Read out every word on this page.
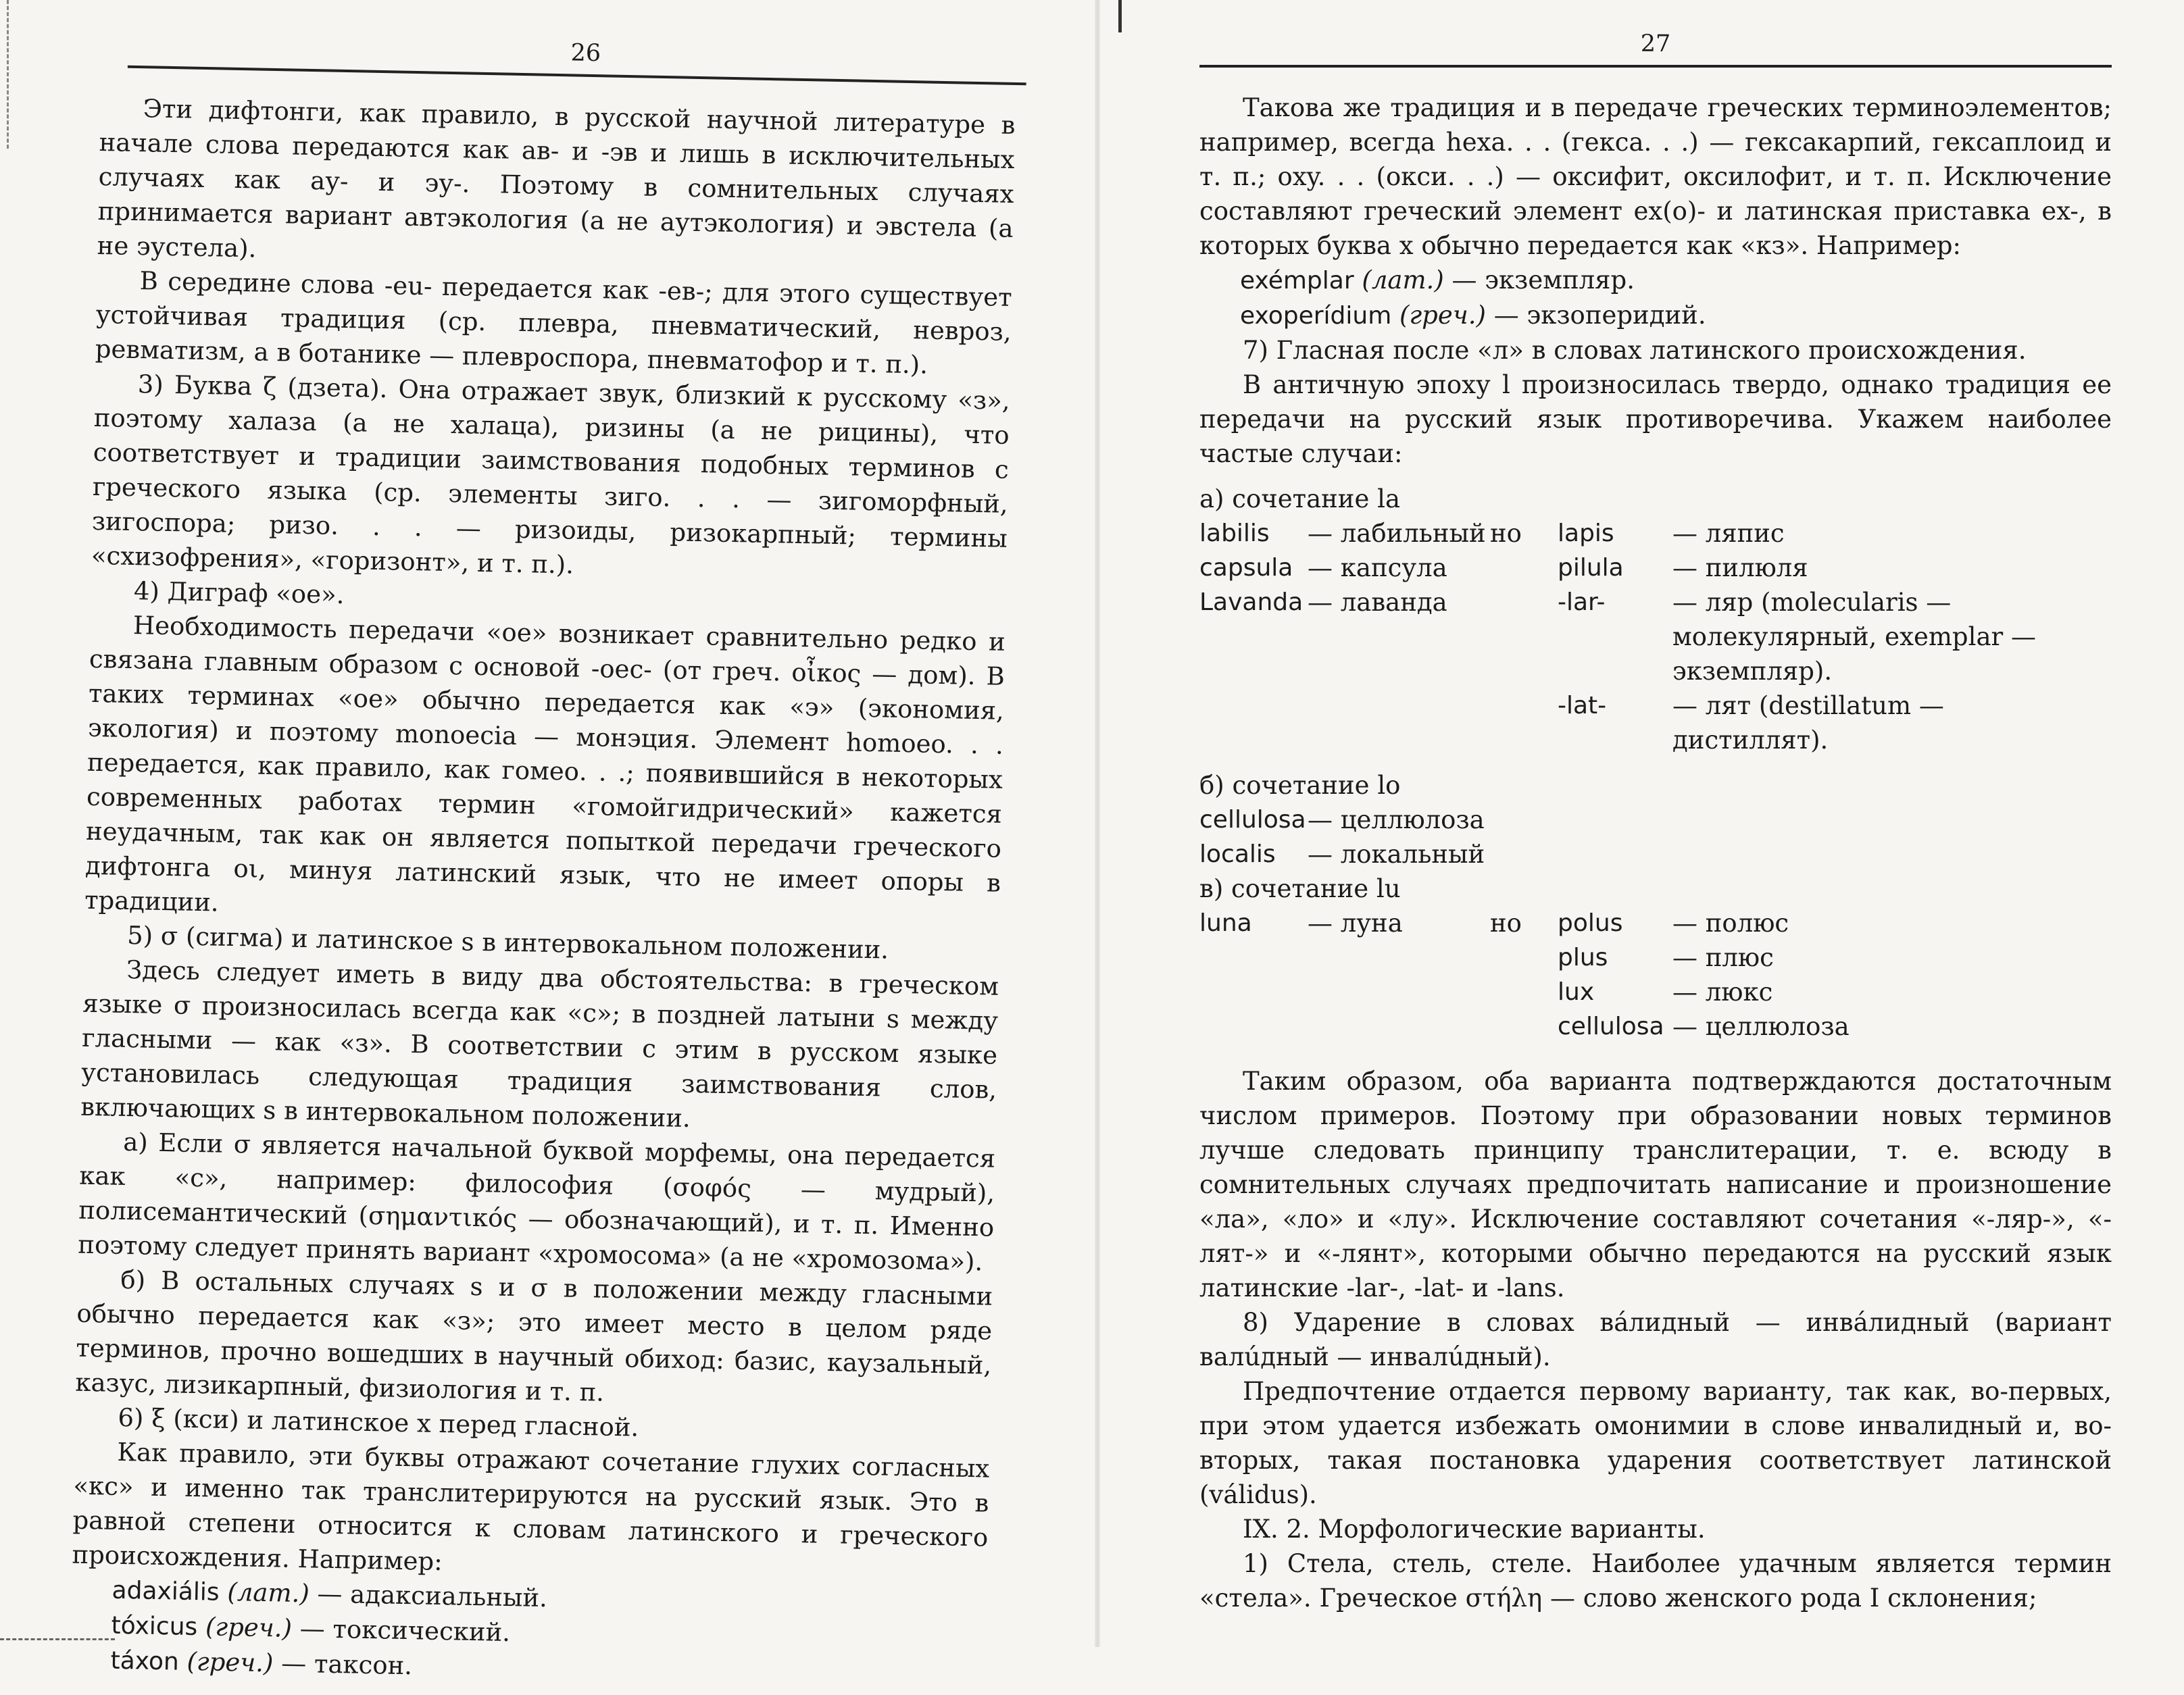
26

Эти дифтонги, как правило, в русской научной литературе в начале слова передаются как ав- и -эв и лишь в исключительных случаях как ау- и эу-. Поэтому в сомнительных случаях принимается вариант автэкология (а не аутэкология) и эвстела (а не эустела).

В середине слова -eu- передается как -ев-; для этого существует устойчивая традиция (ср. плевра, пневматический, невроз, ревматизм, а в ботанике — плевроспора, пневматофор и т. п.).

3) Буква ζ (дзета). Она отражает звук, близкий к русскому «з», поэтому халаза (а не халаца), ризины (а не рицины), что соответствует и традиции заимствования подобных терминов с греческого языка (ср. элементы зиго. . . — зигоморфный, зигоспора; ризо. . . — ризоиды, ризокарпный; термины «схизофрения», «горизонт», и т. п.).

4) Диграф «oe».

Необходимость передачи «oe» возникает сравнительно редко и связана главным образом с основой -oec- (от греч. οἶκος — дом). В таких терминах «oe» обычно передается как «э» (экономия, экология) и поэтому monoecia — монэция. Элемент homoeo. . . передается, как правило, как гомео. . .; появившийся в некоторых современных работах термин «гомойгидрический» кажется неудачным, так как он является попыткой передачи греческого дифтонга οι, минуя латинский язык, что не имеет опоры в традиции.

5) σ (сигма) и латинское s в интервокальном положении.

Здесь следует иметь в виду два обстоятельства: в греческом языке σ произносилась всегда как «с»; в поздней латыни s между гласными — как «з». В соответствии с этим в русском языке установилась следующая традиция заимствования слов, включающих s в интервокальном положении.

а) Если σ является начальной буквой морфемы, она передается как «с», например: философия (σοφός — мудрый), полисемантический (σημαντικός — обозначающий), и т. п. Именно поэтому следует принять вариант «хромосома» (а не «хромозома»).

б) В остальных случаях s и σ в положении между гласными обычно передается как «з»; это имеет место в целом ряде терминов, прочно вошедших в научный обиход: базис, каузальный, казус, лизикарпный, физиология и т. п.

6) ξ (кси) и латинское x перед гласной.

Как правило, эти буквы отражают сочетание глухих согласных «кс» и именно так транслитерируются на русский язык. Это в равной степени относится к словам латинского и греческого происхождения. Например:

adaxiális (лат.) — адаксиальный.
tóxicus (греч.) — токсический.
táxon (греч.) — таксон.
27

Такова же традиция и в передаче греческих терминоэлементов; например, всегда hexa. . . (гекса. . .) — гексакарпий, гексаплоид и т. п.; oxy. . . (окси. . .) — оксифит, оксилофит, и т. п. Исключение составляют греческий элемент ex(o)- и латинская приставка ex-, в которых буква x обычно передается как «кз». Например:

exémplar (лат.) — экземпляр.
exoperídium (греч.) — экзоперидий.

7) Гласная после «л» в словах латинского происхождения.

В античную эпоху l произносилась твердо, однако традиция ее передачи на русский язык противоречива. Укажем наиболее частые случаи:

а) сочетание la

labilis	— лабильный	но	lapis	— ляпис
capsula	— капсула		pilula	— пилюля
Lavanda	— лаванда		-lar-	— ляр (molecularis — молекулярный, exemplar — экземпляр).
			-lat-	— лят (destillatum — дистиллят).

б) сочетание lo

cellulosa	— целлюлоза
localis	— локальный

в) сочетание lu

luna	— луна	но	polus	— полюс
			plus	— плюс
			lux	— люкс
			cellulosa	— целлюлоза

Таким образом, оба варианта подтверждаются достаточным числом примеров. Поэтому при образовании новых терминов лучше следовать принципу транслитерации, т. е. всюду в сомнительных случаях предпочитать написание и произношение «ла», «ло» и «лу». Исключение составляют сочетания «-ляр-», «-лят-» и «-лянт», которыми обычно передаются на русский язык латинские -lar-, -lat- и -lans.

8) Ударение в словах вáлидный — инвáлидный (вариант валúдный — инвалúдный).

Предпочтение отдается первому варианту, так как, во-первых, при этом удается избежать омонимии в слове инвалидный и, во-вторых, такая постановка ударения соответствует латинской (válidus).

IX. 2. Морфологические варианты.

1) Стела, стель, стеле. Наиболее удачным является термин «стела». Греческое στήλη — слово женского рода I склонения;
